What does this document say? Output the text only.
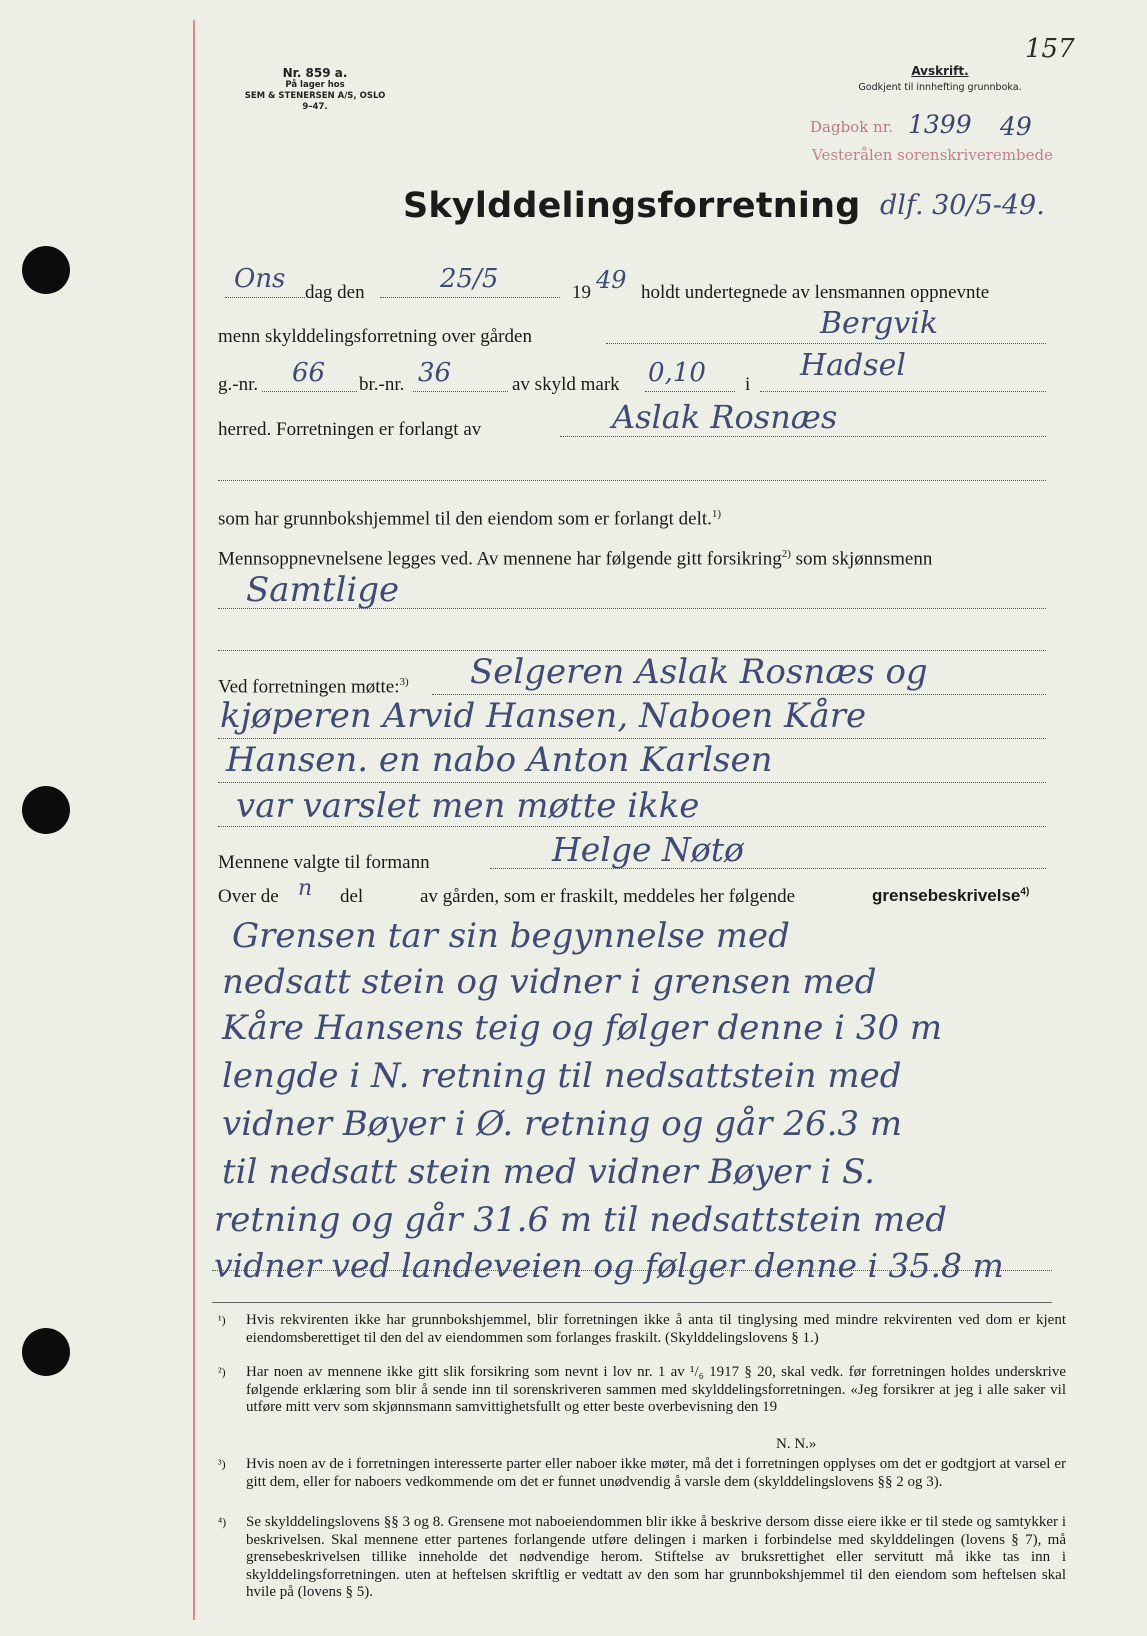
157
Nr. 859 a.
På lager hos
SEM & STENERSEN A/S, OSLO
9–47.
Avskrift.
Godkjent til innhefting grunnboka.
Dagbok nr. 1399 49
Vesterålen sorenskriverembede
dlf. 30/5-49.
Skylddelingsforretning
Ons dag den	25/5	19 49 holdt undertegnede av lensmannen oppnevnte
menn skylddelingsforretning over gården	Bergvik
g.-nr. 66 br.-nr. 36	av skyld mark 0,10 i
Hadsel
herred. Forretningen er forlangt av	Aslak Rosnæs
som har grunnbokshjemmel til den eiendom som er forlangt delt.$^{1)}$
Mennsoppnevnelsene legges ved. Av mennene har følgende gitt forsikring$^{2)}$ som skjønnsmenn
Samtlige
Ved forretningen møtte:$^{3)}$ Selgeren Aslak Rosnæs og
kjøperen Arvid Hansen, Naboen Kåre
Hansen. en nabo Anton Karlsen
var varslet men møtte ikke
Mennene valgte til formann	Helge Nøtø
Over de n del	av gården, som er fraskilt, meddeles her følgende	grensebeskrivelse$^{4)}$
Grensen tar sin begynnelse med
nedsatt stein og vidner i grensen med
Kåre Hansens teig og følger denne i 30 m
lengde i N. retning til nedsattstein med
vidner Bøyer i Ø. retning og går 26.3 m
til nedsatt stein med vidner Bøyer i S.
retning og går 31.6 m til nedsattstein med
vidner ved landeveien og følger denne i 35.8 m
¹) Hvis rekvirenten ikke har grunnbokshjemmel, blir forretningen ikke å anta til tinglysing med mindre rekvirenten ved dom er kjent eiendomsberettiget til den del av eiendommen som forlanges fraskilt. (Skylddelingslovens § 1.)
²) Har noen av mennene ikke gitt slik forsikring som nevnt i lov nr. 1 av ¹/₆ 1917 § 20, skal vedk. før forretningen holdes underskrive følgende erklæring som blir å sende inn til sorenskriveren sammen med skylddelingsforretningen. «Jeg forsikrer at jeg i alle saker vil utføre mitt verv som skjønnsmann samvittighetsfullt og etter beste overbevisning den 19
N. N.»
³) Hvis noen av de i forretningen interesserte parter eller naboer ikke møter, må det i forretningen opplyses om det er godtgjort at varsel er gitt dem, eller for naboers vedkommende om det er funnet unødvendig å varsle dem (skylddelingslovens §§ 2 og 3).
⁴) Se skylddelingslovens §§ 3 og 8. Grensene mot naboeiendommen blir ikke å beskrive dersom disse eiere ikke er til stede og samtykker i beskrivelsen. Skal mennene etter partenes forlangende utføre delingen i marken i forbindelse med skylddelingen (lovens § 7), må grensebeskrivelsen tillike inneholde det nødvendige herom. Stiftelse av bruksrettighet eller servitutt må ikke tas inn i skylddelingsforretningen. uten at heftelsen skriftlig er vedtatt av den som har grunnbokshjemmel til den eiendom som heftelsen skal hvile på (lovens § 5).
